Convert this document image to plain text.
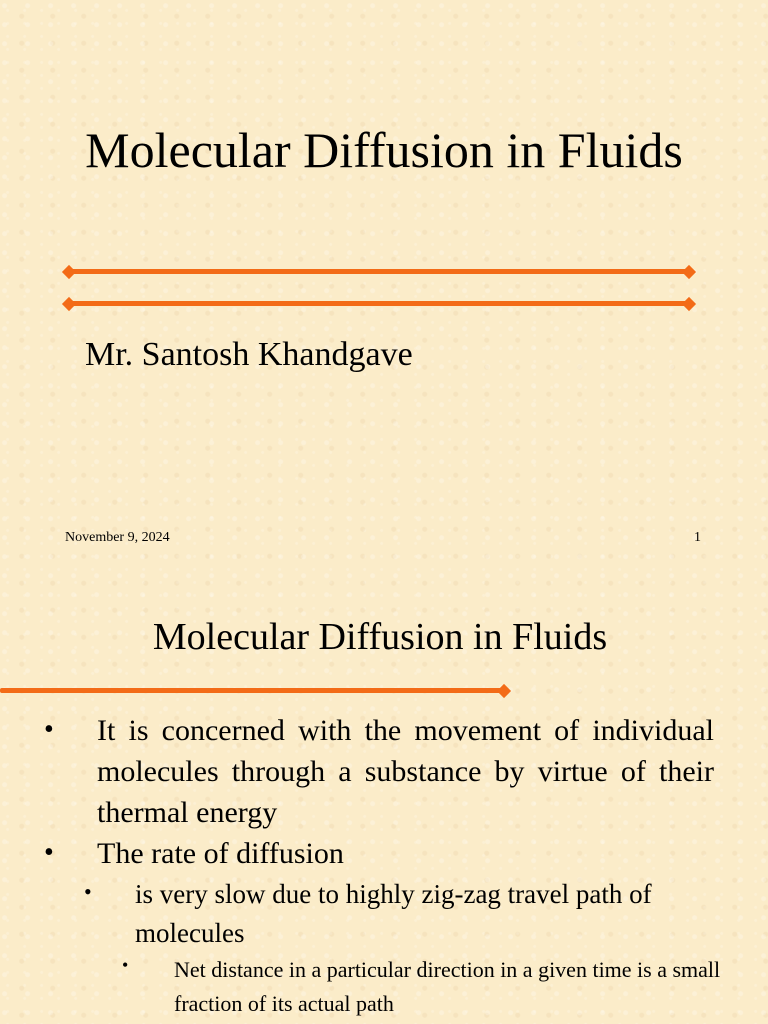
Molecular Diffusion in Fluids
Mr. Santosh Khandgave
November 9, 2024	1
Molecular Diffusion in Fluids
• It is concerned with the movement of individual molecules through a substance by virtue of their thermal energy
• The rate of diffusion
• is very slow due to highly zig-zag travel path of molecules
• Net distance in a particular direction in a given time is a small fraction of its actual path
